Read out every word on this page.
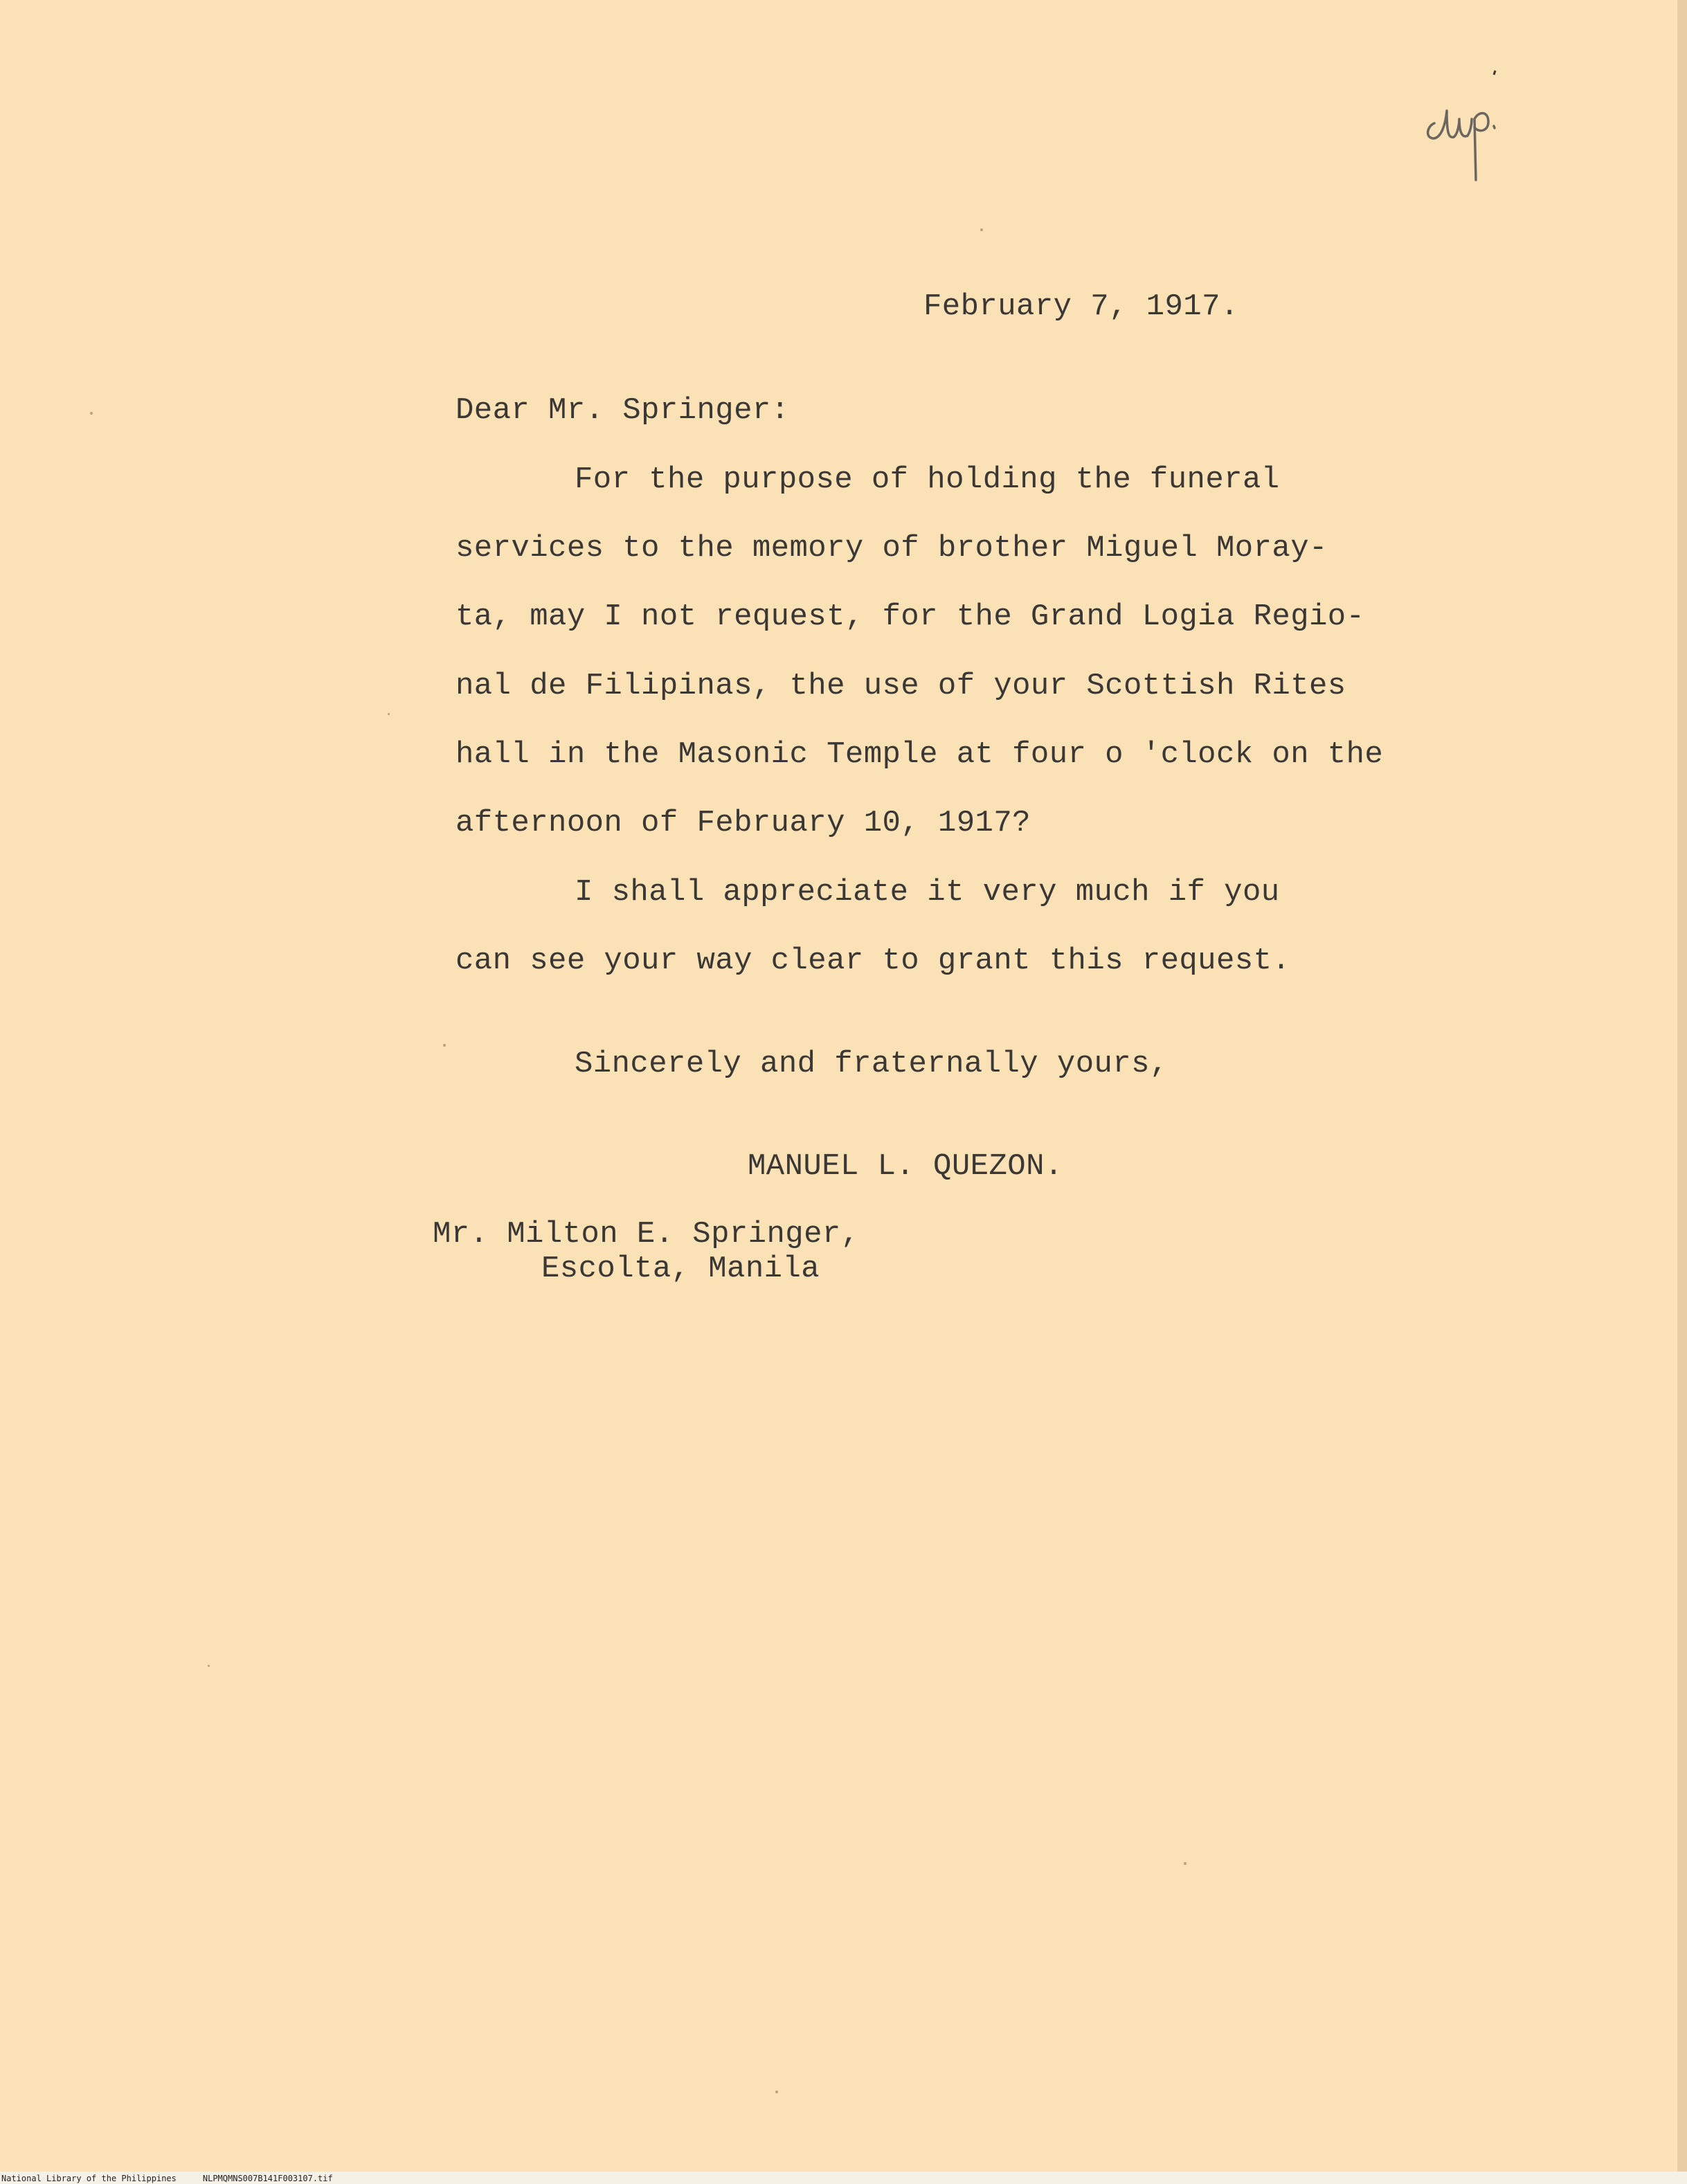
February 7, 1917.
Dear Mr. Springer:
For the purpose of holding the funeral
services to the memory of brother Miguel Moray-
ta, may I not request, for the Grand Logia Regio-
nal de Filipinas, the use of your Scottish Rites
hall in the Masonic Temple at four o 'clock on the
afternoon of February 10, 1917?
I shall appreciate it very much if you
can see your way clear to grant this request.
Sincerely and fraternally yours,
MANUEL L. QUEZON.
Mr. Milton E. Springer,
Escolta, Manila
National Library of the Philippines	NLPMQMNS007B141F003107.tif
